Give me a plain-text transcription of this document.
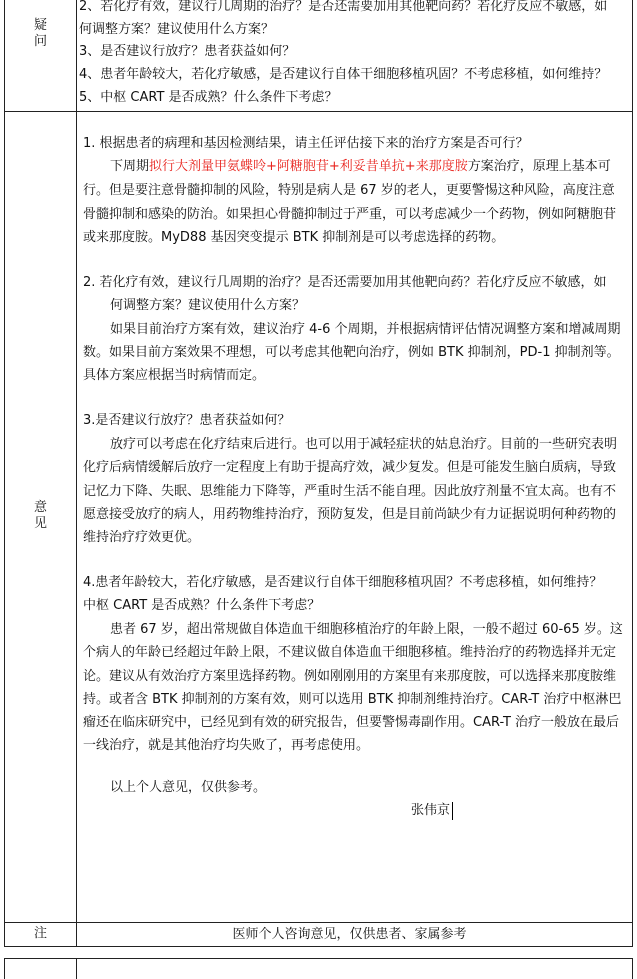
疑问
意见
注
2、若化疗有效，建议行几周期的治疗？是否还需要加用其他靶向药？若化疗反应不敏感，如
何调整方案？建议使用什么方案？
3、是否建议行放疗？患者获益如何？
4、患者年龄较大，若化疗敏感，是否建议行自体干细胞移植巩固？不考虑移植，如何维持？
5、中枢 CART 是否成熟？什么条件下考虑？
1. 根据患者的病理和基因检测结果，请主任评估接下来的治疗方案是否可行？
下周期拟行大剂量甲氨蝶呤+阿糖胞苷+利妥昔单抗+来那度胺方案治疗，原理上基本可
行。但是要注意骨髓抑制的风险，特别是病人是 67 岁的老人，更要警惕这种风险，高度注意
骨髓抑制和感染的防治。如果担心骨髓抑制过于严重，可以考虑减少一个药物，例如阿糖胞苷
或来那度胺。MyD88 基因突变提示 BTK 抑制剂是可以考虑选择的药物。
2. 若化疗有效，建议行几周期的治疗？是否还需要加用其他靶向药？若化疗反应不敏感，如
何调整方案？建议使用什么方案？
如果目前治疗方案有效，建议治疗 4-6 个周期，并根据病情评估情况调整方案和增减周期
数。如果目前方案效果不理想，可以考虑其他靶向治疗，例如 BTK 抑制剂，PD-1 抑制剂等。
具体方案应根据当时病情而定。
3.是否建议行放疗？患者获益如何？
放疗可以考虑在化疗结束后进行。也可以用于减轻症状的姑息治疗。目前的一些研究表明
化疗后病情缓解后放疗一定程度上有助于提高疗效，减少复发。但是可能发生脑白质病，导致
记忆力下降、失眠、思维能力下降等，严重时生活不能自理。因此放疗剂量不宜太高。也有不
愿意接受放疗的病人，用药物维持治疗，预防复发，但是目前尚缺少有力证据说明何种药物的
维持治疗疗效更优。
4.患者年龄较大，若化疗敏感，是否建议行自体干细胞移植巩固？不考虑移植，如何维持？
中枢 CART 是否成熟？什么条件下考虑？
患者 67 岁，超出常规做自体造血干细胞移植治疗的年龄上限，一般不超过 60-65 岁。这
个病人的年龄已经超过年龄上限，不建议做自体造血干细胞移植。维持治疗的药物选择并无定
论。建议从有效治疗方案里选择药物。例如刚刚用的方案里有来那度胺，可以选择来那度胺维
持。或者含 BTK 抑制剂的方案有效，则可以选用 BTK 抑制剂维持治疗。CAR-T 治疗中枢淋巴
瘤还在临床研究中，已经见到有效的研究报告，但要警惕毒副作用。CAR-T 治疗一般放在最后
一线治疗，就是其他治疗均失败了，再考虑使用。
以上个人意见，仅供参考。
张伟京
医师个人咨询意见，仅供患者、家属参考
